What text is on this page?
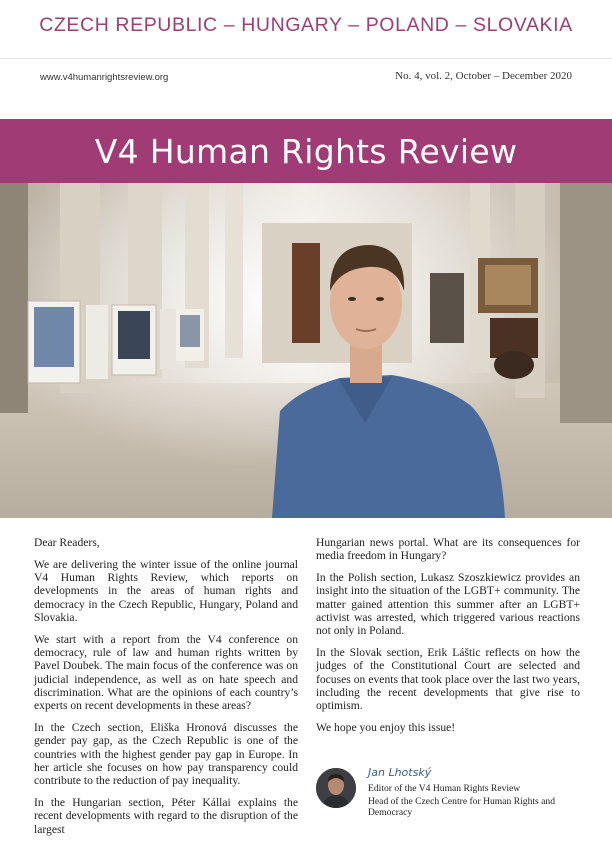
CZECH REPUBLIC – HUNGARY – POLAND – SLOVAKIA
www.v4humanrightsreview.org	No. 4, vol. 2, October – December 2020
V4 Human Rights Review

Dear Readers,

We are delivering the winter issue of the online journal V4 Human Rights Review, which reports on developments in the areas of human rights and democracy in the Czech Republic, Hungary, Poland and Slovakia.

We start with a report from the V4 conference on democracy, rule of law and human rights written by Pavel Doubek. The main focus of the conference was on judicial independence, as well as on hate speech and discrimination. What are the opinions of each country’s experts on recent developments in these areas?

In the Czech section, Eliška Hronová discusses the gender pay gap, as the Czech Republic is one of the countries with the highest gender pay gap in Europe. In her article she focuses on how pay transparency could contribute to the reduction of pay inequality.

In the Hungarian section, Péter Kállai explains the recent developments with regard to the disruption of the largest

Hungarian news portal. What are its consequences for media freedom in Hungary?

In the Polish section, Lukasz Szoszkiewicz provides an insight into the situation of the LGBT+ community. The matter gained attention this summer after an LGBT+ activist was arrested, which triggered various reactions not only in Poland.

In the Slovak section, Erik Láštic reflects on how the judges of the Constitutional Court are selected and focuses on events that took place over the last two years, including the recent developments that give rise to optimism.

We hope you enjoy this issue!

Jan Lhotský
Editor of the V4 Human Rights Review
Head of the Czech Centre for Human Rights and Democracy
